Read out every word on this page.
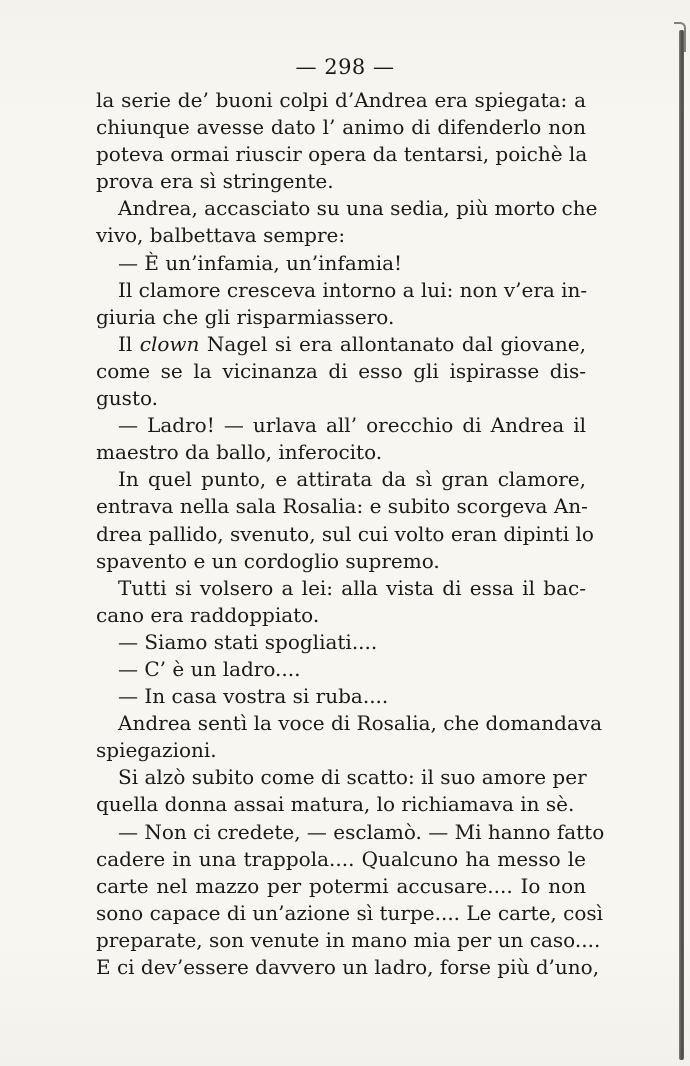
— 298 —
la serie de’ buoni colpi d’Andrea era spiegata: a
chiunque avesse dato l’ animo di difenderlo non
poteva ormai riuscir opera da tentarsi, poichè la
prova era sì stringente.
Andrea, accasciato su una sedia, più morto che
vivo, balbettava sempre:
— È un’infamia, un’infamia!
Il clamore cresceva intorno a lui: non v’era in-
giuria che gli risparmiassero.
Il clown Nagel si era allontanato dal giovane,
come se la vicinanza di esso gli ispirasse dis-
gusto.
— Ladro! — urlava all’ orecchio di Andrea il
maestro da ballo, inferocito.
In quel punto, e attirata da sì gran clamore,
entrava nella sala Rosalia: e subito scorgeva An-
drea pallido, svenuto, sul cui volto eran dipinti lo
spavento e un cordoglio supremo.
Tutti si volsero a lei: alla vista di essa il bac-
cano era raddoppiato.
— Siamo stati spogliati....
— C’ è un ladro....
— In casa vostra si ruba....
Andrea sentì la voce di Rosalia, che domandava
spiegazioni.
Si alzò subito come di scatto: il suo amore per
quella donna assai matura, lo richiamava in sè.
— Non ci credete, — esclamò. — Mi hanno fatto
cadere in una trappola.... Qualcuno ha messo le
carte nel mazzo per potermi accusare.... Io non
sono capace di un’azione sì turpe.... Le carte, così
preparate, son venute in mano mia per un caso....
E ci dev’essere davvero un ladro, forse più d’uno,
